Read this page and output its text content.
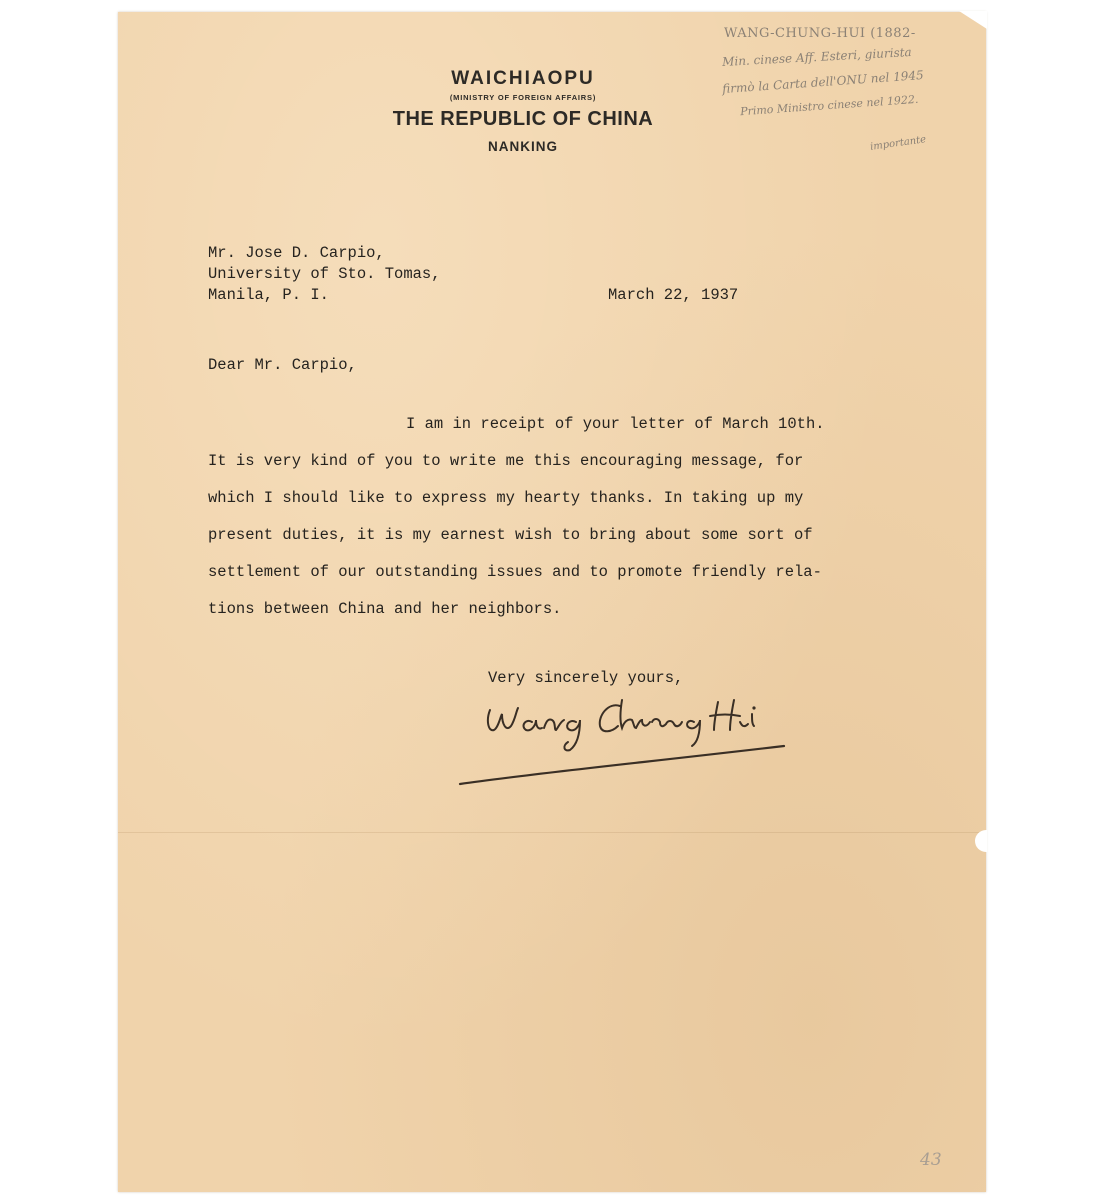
WAICHIAOPU
(MINISTRY OF FOREIGN AFFAIRS)
THE REPUBLIC OF CHINA
NANKING
WANG-CHUNG-HUI (1882-
Min. cinese Aff. Esteri, giurista
firmò la Carta dell'ONU nel 1945
Primo Ministro cinese nel 1922.
importante
Mr. Jose D. Carpio,
University of Sto. Tomas,
Manila, P. I.	March 22, 1937
Dear Mr. Carpio,
I am in receipt of your letter of March 10th.
It is very kind of you to write me this encouraging message, for
which I should like to express my hearty thanks. In taking up my
present duties, it is my earnest wish to bring about some sort of
settlement of our outstanding issues and to promote friendly rela-
tions between China and her neighbors.
Very sincerely yours,
43
